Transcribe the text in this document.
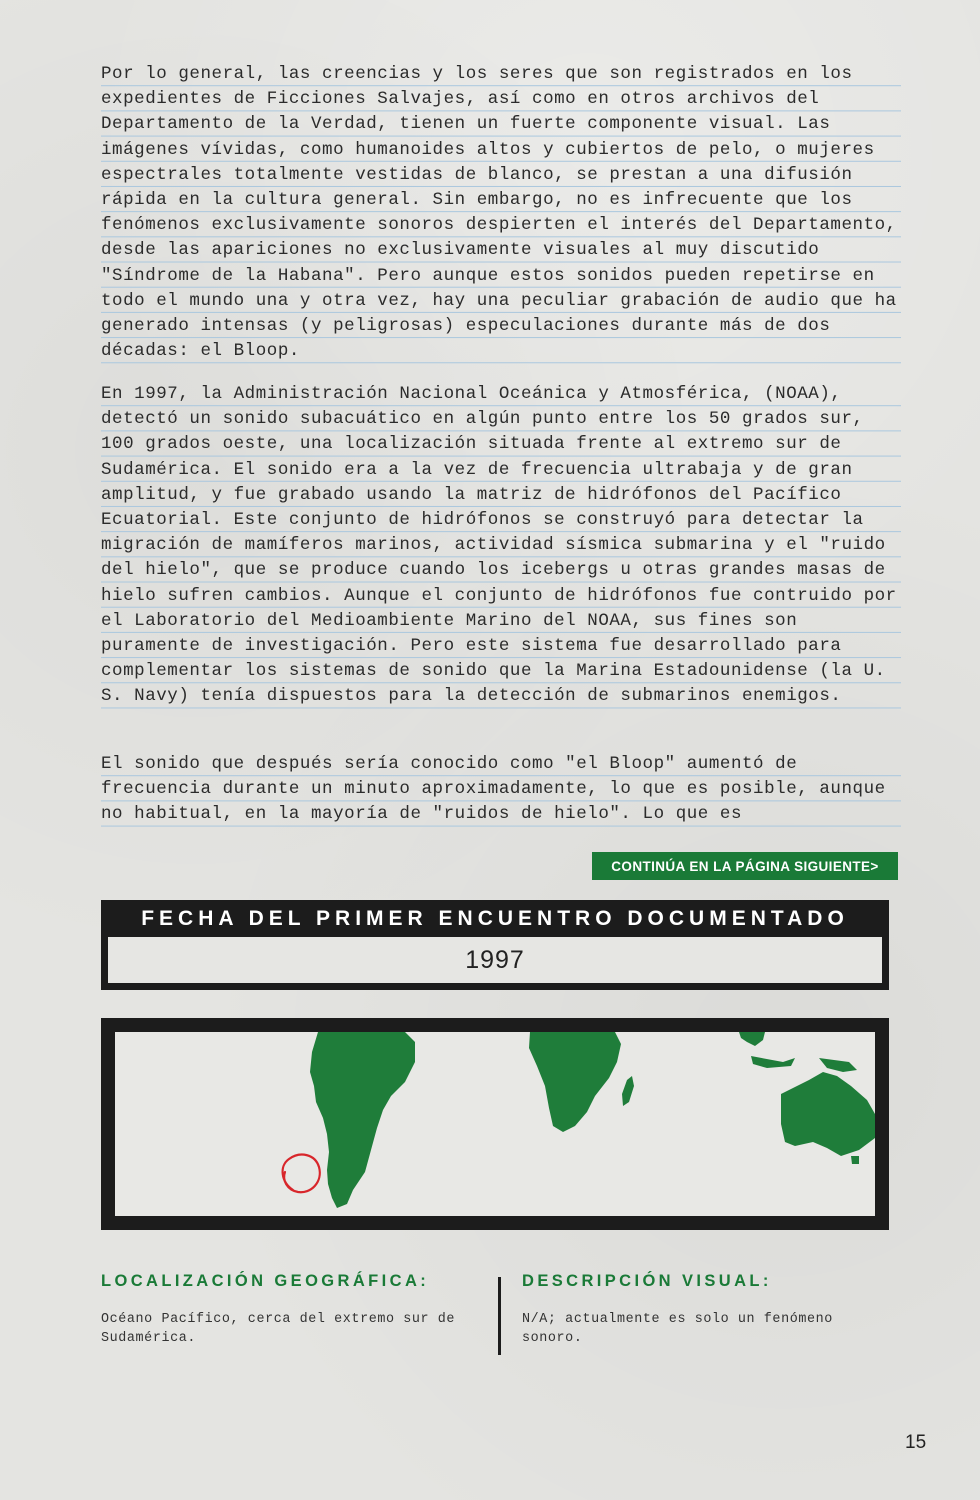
Por lo general, las creencias y los seres que son registrados en los expedientes de Ficciones Salvajes, así como en otros archivos del Departamento de la Verdad, tienen un fuerte componente visual. Las imágenes vívidas, como humanoides altos y cubiertos de pelo, o mujeres espectrales totalmente vestidas de blanco, se prestan a una difusión rápida en la cultura general. Sin embargo, no es infrecuente que los fenómenos exclusivamente sonoros despierten el interés del Departamento, desde las apariciones no exclusivamente visuales al muy discutido "Síndrome de la Habana". Pero aunque estos sonidos pueden repetirse en todo el mundo una y otra vez, hay una peculiar grabación de audio que ha generado intensas (y peligrosas) especulaciones durante más de dos décadas: el Bloop.

En 1997, la Administración Nacional Oceánica y Atmosférica, (NOAA), detectó un sonido subacuático en algún punto entre los 50 grados sur, 100 grados oeste, una localización situada frente al extremo sur de Sudamérica. El sonido era a la vez de frecuencia ultrabaja y de gran amplitud, y fue grabado usando la matriz de hidrófonos del Pacífico Ecuatorial. Este conjunto de hidrófonos se construyó para detectar la migración de mamíferos marinos, actividad sísmica submarina y el "ruido del hielo", que se produce cuando los icebergs u otras grandes masas de hielo sufren cambios. Aunque el conjunto de hidrófonos fue contruido por el Laboratorio del Medioambiente Marino del NOAA, sus fines son puramente de investigación. Pero este sistema fue desarrollado para complementar los sistemas de sonido que la Marina Estadounidense (la U. S. Navy) tenía dispuestos para la detección de submarinos enemigos.

El sonido que después sería conocido como "el Bloop" aumentó de frecuencia durante un minuto aproximadamente, lo que es posible, aunque no habitual, en la mayoría de "ruidos de hielo". Lo que es

CONTINÚA EN LA PÁGINA SIGUIENTE>
FECHA DEL PRIMER ENCUENTRO DOCUMENTADO
1997
LOCALIZACIÓN GEOGRÁFICA:

Océano Pacífico, cerca del extremo sur de Sudamérica.

DESCRIPCIÓN VISUAL:

N/A; actualmente es solo un fenómeno sonoro.

15
